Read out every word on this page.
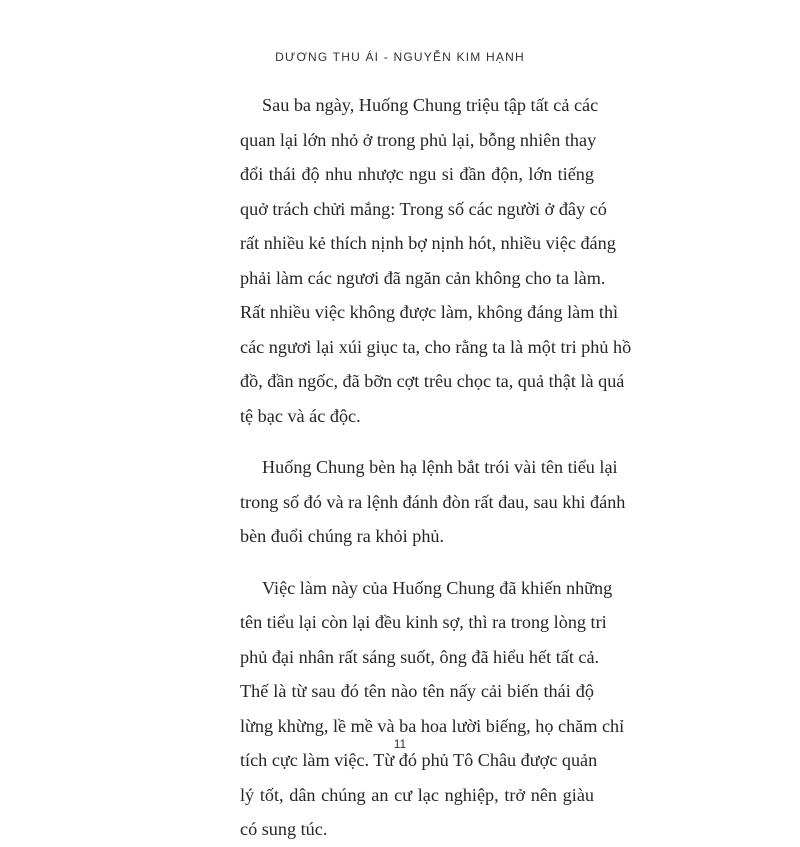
DƯƠNG THU ÁI - NGUYỄN KIM HẠNH

Sau ba ngày, Huống Chung triệu tập tất cả các
quan lại lớn nhỏ ở trong phủ lại, bỗng nhiên thay
đổi thái độ nhu nhược ngu si đần độn, lớn tiếng
quở trách chửi mắng: Trong số các người ở đây có
rất nhiều kẻ thích nịnh bợ nịnh hót, nhiều việc đáng
phải làm các ngươi đã ngăn cản không cho ta làm.
Rất nhiều việc không được làm, không đáng làm thì
các ngươi lại xúi giục ta, cho rằng ta là một tri phủ hồ
đồ, đần ngốc, đã bỡn cợt trêu chọc ta, quả thật là quá
tệ bạc và ác độc.

Huống Chung bèn hạ lệnh bắt trói vài tên tiểu lại
trong số đó và ra lệnh đánh đòn rất đau, sau khi đánh
bèn đuổi chúng ra khỏi phủ.

Việc làm này của Huống Chung đã khiến những
tên tiểu lại còn lại đều kinh sợ, thì ra trong lòng tri
phủ đại nhân rất sáng suốt, ông đã hiểu hết tất cả.
Thế là từ sau đó tên nào tên nấy cải biến thái độ
lừng khừng, lề mề và ba hoa lười biếng, họ chăm chỉ
tích cực làm việc. Từ đó phủ Tô Châu được quản
lý tốt, dân chúng an cư lạc nghiệp, trở nên giàu
có sung túc.

11
